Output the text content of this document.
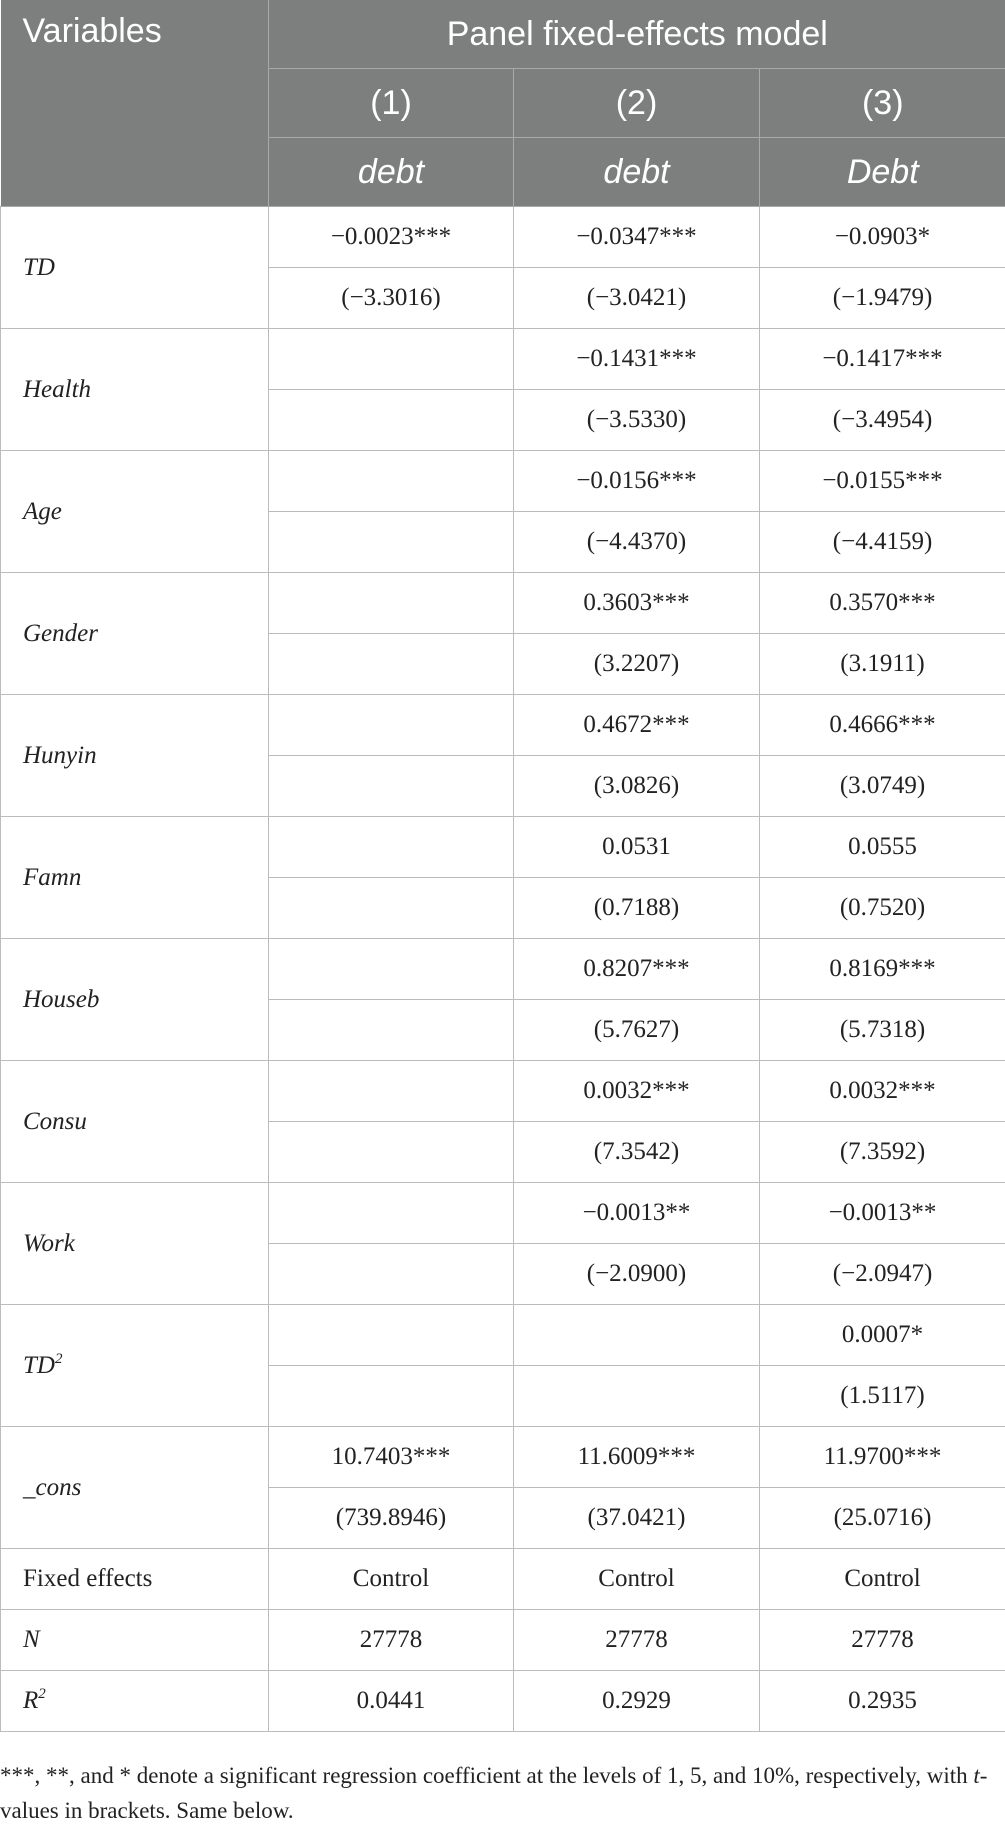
Variables	Panel fixed-effects model		
	(1)	(2)	(3)
	debt	debt	Debt
TD	−0.0023***	−0.0347***	−0.0903*
	(−3.3016)	(−3.0421)	(−1.9479)
Health		−0.1431***	−0.1417***
		(−3.5330)	(−3.4954)
Age		−0.0156***	−0.0155***
		(−4.4370)	(−4.4159)
Gender		0.3603***	0.3570***
		(3.2207)	(3.1911)
Hunyin		0.4672***	0.4666***
		(3.0826)	(3.0749)
Famn		0.0531	0.0555
		(0.7188)	(0.7520)
Houseb		0.8207***	0.8169***
		(5.7627)	(5.7318)
Consu		0.0032***	0.0032***
		(7.3542)	(7.3592)
Work		−0.0013**	−0.0013**
		(−2.0900)	(−2.0947)
$TD^2$			0.0007*
			(1.5117)
_cons	10.7403***	11.6009***	11.9700***
	(739.8946)	(37.0421)	(25.0716)
Fixed effects	Control	Control	Control
N	27778	27778	27778
$R^2$	0.0441	0.2929	0.2935
***, **, and * denote a significant regression coefficient at the levels of 1, 5, and 10%, respectively, with t-values in brackets. Same below.
